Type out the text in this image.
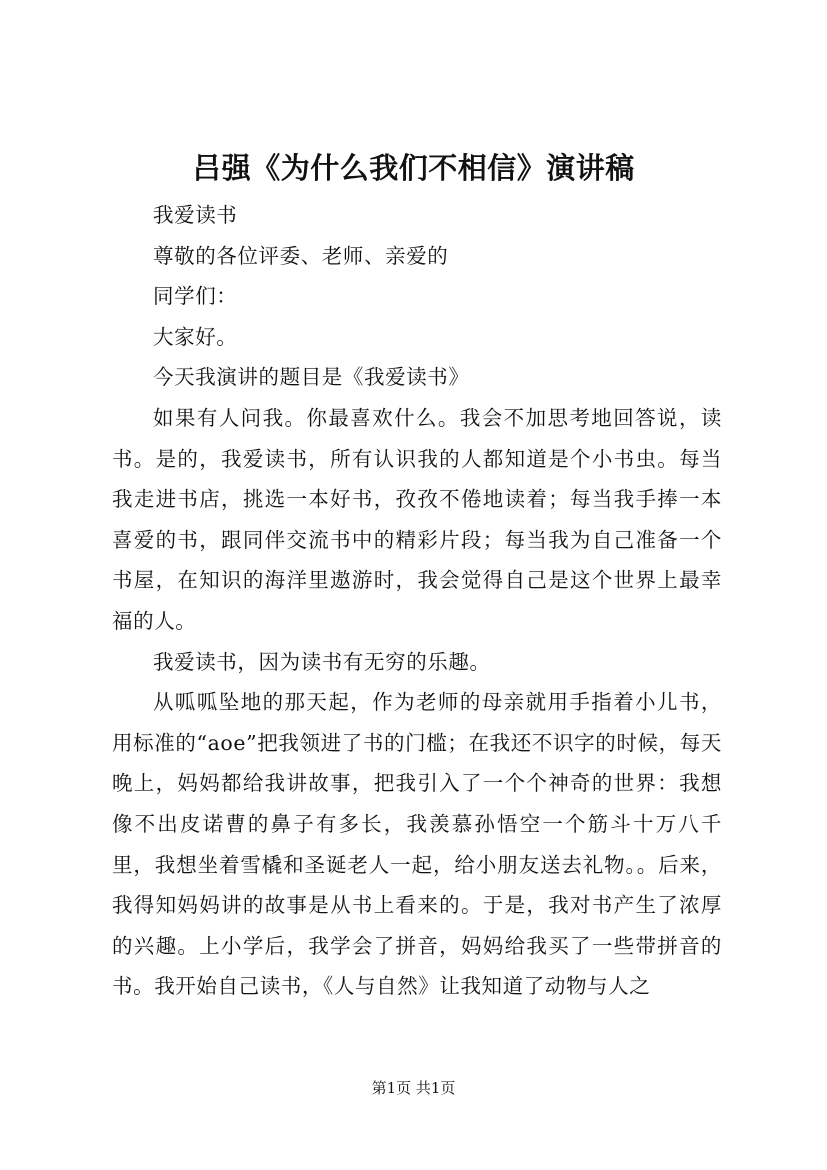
吕强《为什么我们不相信》演讲稿

我爱读书

尊敬的各位评委、老师、亲爱的

同学们：

大家好。

今天我演讲的题目是《我爱读书》

如果有人问我。你最喜欢什么。我会不加思考地回答说，读书。是的，我爱读书，所有认识我的人都知道是个小书虫。每当我走进书店，挑选一本好书，孜孜不倦地读着；每当我手捧一本喜爱的书，跟同伴交流书中的精彩片段；每当我为自己准备一个书屋，在知识的海洋里遨游时，我会觉得自己是这个世界上最幸福的人。

我爱读书，因为读书有无穷的乐趣。

从呱呱坠地的那天起，作为老师的母亲就用手指着小儿书，用标准的“aoe”把我领进了书的门槛；在我还不识字的时候，每天晚上，妈妈都给我讲故事，把我引入了一个个神奇的世界：我想像不出皮诺曹的鼻子有多长，我羡慕孙悟空一个筋斗十万八千里，我想坐着雪橇和圣诞老人一起，给小朋友送去礼物。。后来，我得知妈妈讲的故事是从书上看来的。于是，我对书产生了浓厚的兴趣。上小学后，我学会了拼音，妈妈给我买了一些带拼音的书。我开始自己读书，《人与自然》让我知道了动物与人之

第1页 共1页
